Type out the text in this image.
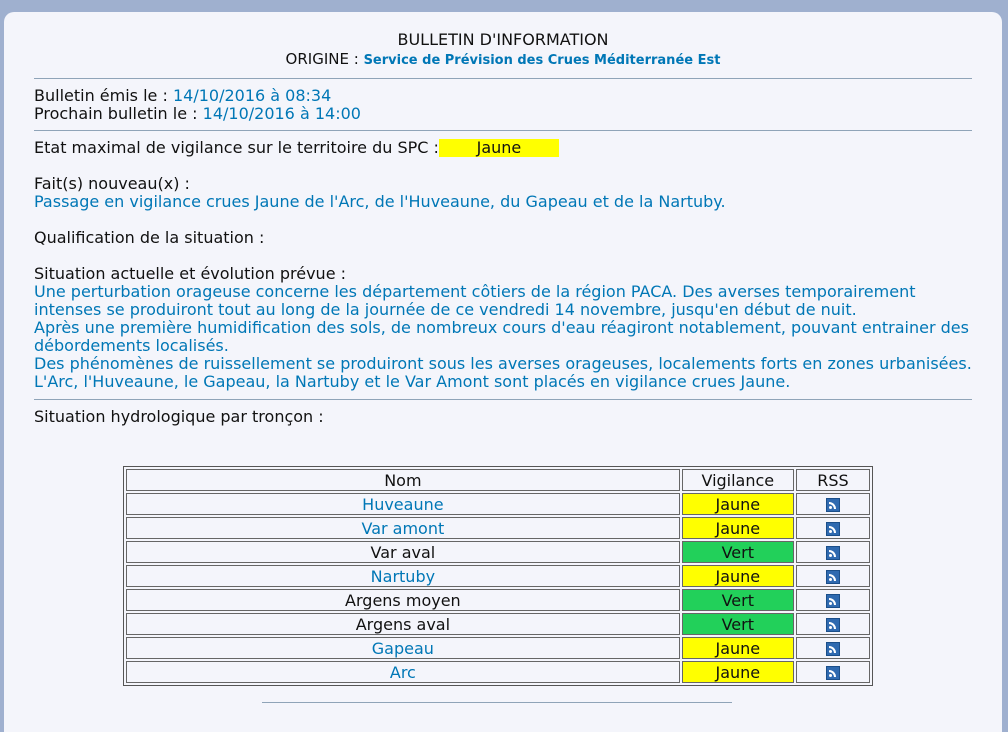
BULLETIN D'INFORMATION
ORIGINE : Service de Prévision des Crues Méditerranée Est
Bulletin émis le : 14/10/2016 à 08:34
Prochain bulletin le : 14/10/2016 à 14:00
Etat maximal de vigilance sur le territoire du SPC : Jaune
Fait(s) nouveau(x) :
Passage en vigilance crues Jaune de l'Arc, de l'Huveaune, du Gapeau et de la Nartuby.
Qualification de la situation :
Situation actuelle et évolution prévue :
Une perturbation orageuse concerne les département côtiers de la région PACA. Des averses temporairement intenses se produiront tout au long de la journée de ce vendredi 14 novembre, jusqu'en début de nuit.
Après une première humidification des sols, de nombreux cours d'eau réagiront notablement, pouvant entrainer des débordements localisés.
Des phénomènes de ruissellement se produiront sous les averses orageuses, localements forts en zones urbanisées.
L'Arc, l'Huveaune, le Gapeau, la Nartuby et le Var Amont sont placés en vigilance crues Jaune.
Situation hydrologique par tronçon :
Nom	Vigilance	RSS
Huveaune	Jaune	
Var amont	Jaune	
Var aval	Vert	
Nartuby	Jaune	
Argens moyen	Vert	
Argens aval	Vert	
Gapeau	Jaune	
Arc	Jaune	
